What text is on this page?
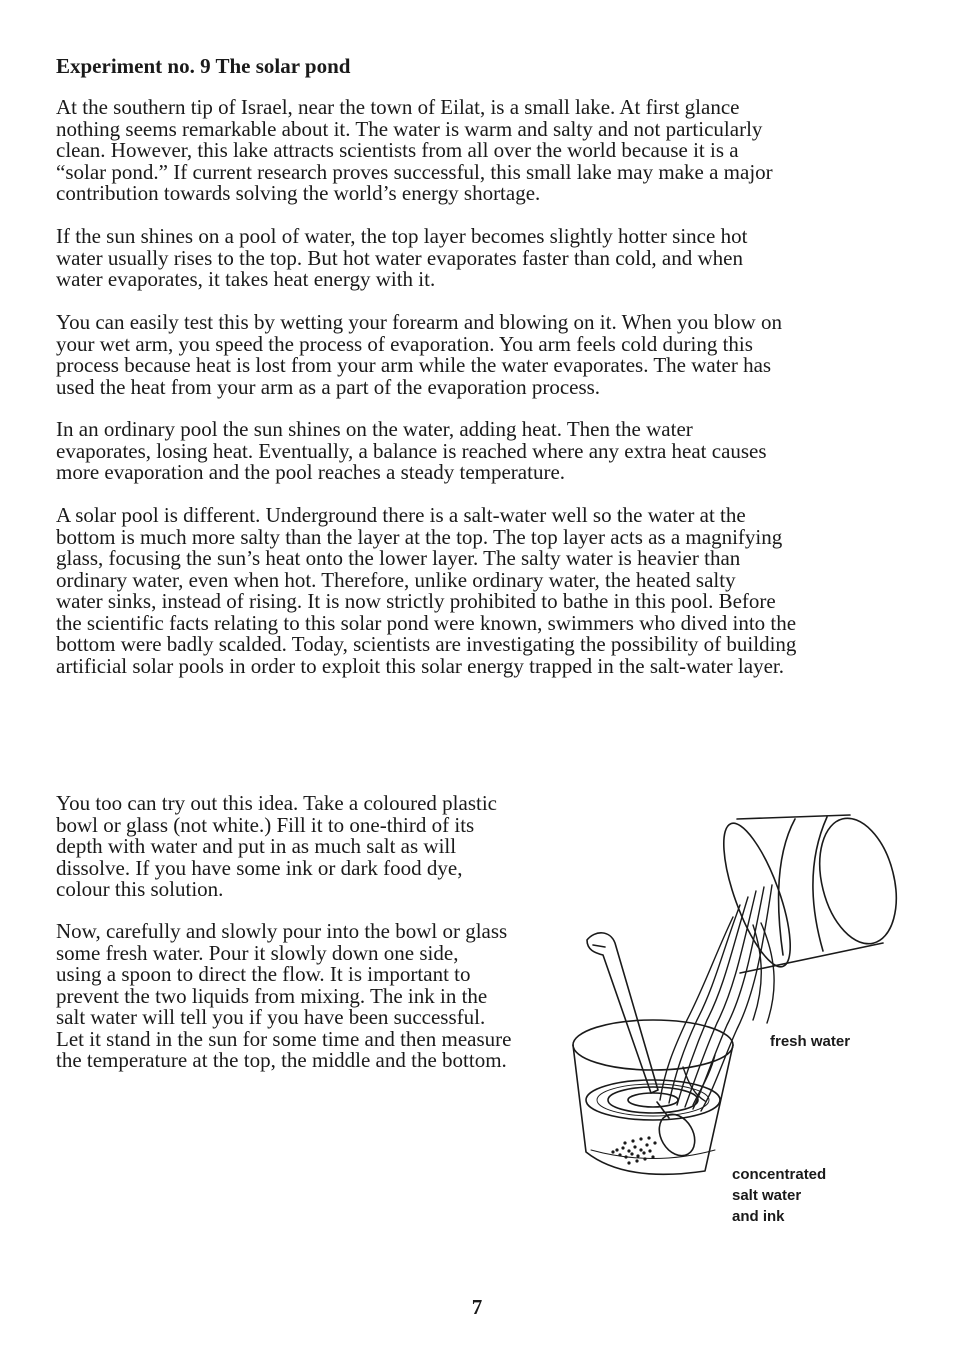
Experiment no. 9 The solar pond
At the southern tip of Israel, near the town of Eilat, is a small lake. At first glance
nothing seems remarkable about it. The water is warm and salty and not particularly
clean. However, this lake attracts scientists from all over the world because it is a
“solar pond.” If current research proves successful, this small lake may make a major
contribution towards solving the world’s energy shortage.
If the sun shines on a pool of water, the top layer becomes slightly hotter since hot
water usually rises to the top. But hot water evaporates faster than cold, and when
water evaporates, it takes heat energy with it.
You can easily test this by wetting your forearm and blowing on it. When you blow on
your wet arm, you speed the process of evaporation. You arm feels cold during this
process because heat is lost from your arm while the water evaporates. The water has
used the heat from your arm as a part of the evaporation process.
In an ordinary pool the sun shines on the water, adding heat. Then the water
evaporates, losing heat. Eventually, a balance is reached where any extra heat causes
more evaporation and the pool reaches a steady temperature.
A solar pool is different. Underground there is a salt-water well so the water at the
bottom is much more salty than the layer at the top. The top layer acts as a magnifying
glass, focusing the sun’s heat onto the lower layer. The salty water is heavier than
ordinary water, even when hot. Therefore, unlike ordinary water, the heated salty
water sinks, instead of rising. It is now strictly prohibited to bathe in this pool. Before
the scientific facts relating to this solar pond were known, swimmers who dived into the
bottom were badly scalded. Today, scientists are investigating the possibility of building
artificial solar pools in order to exploit this solar energy trapped in the salt-water layer.
You too can try out this idea. Take a coloured plastic
bowl or glass (not white.) Fill it to one-third of its
depth with water and put in as much salt as will
dissolve. If you have some ink or dark food dye,
colour this solution.
Now, carefully and slowly pour into the bowl or glass
some fresh water. Pour it slowly down one side,
using a spoon to direct the flow. It is important to
prevent the two liquids from mixing. The ink in the
salt water will tell you if you have been successful.
Let it stand in the sun for some time and then measure
the temperature at the top, the middle and the bottom.
fresh water
concentrated
salt water
and ink
7
